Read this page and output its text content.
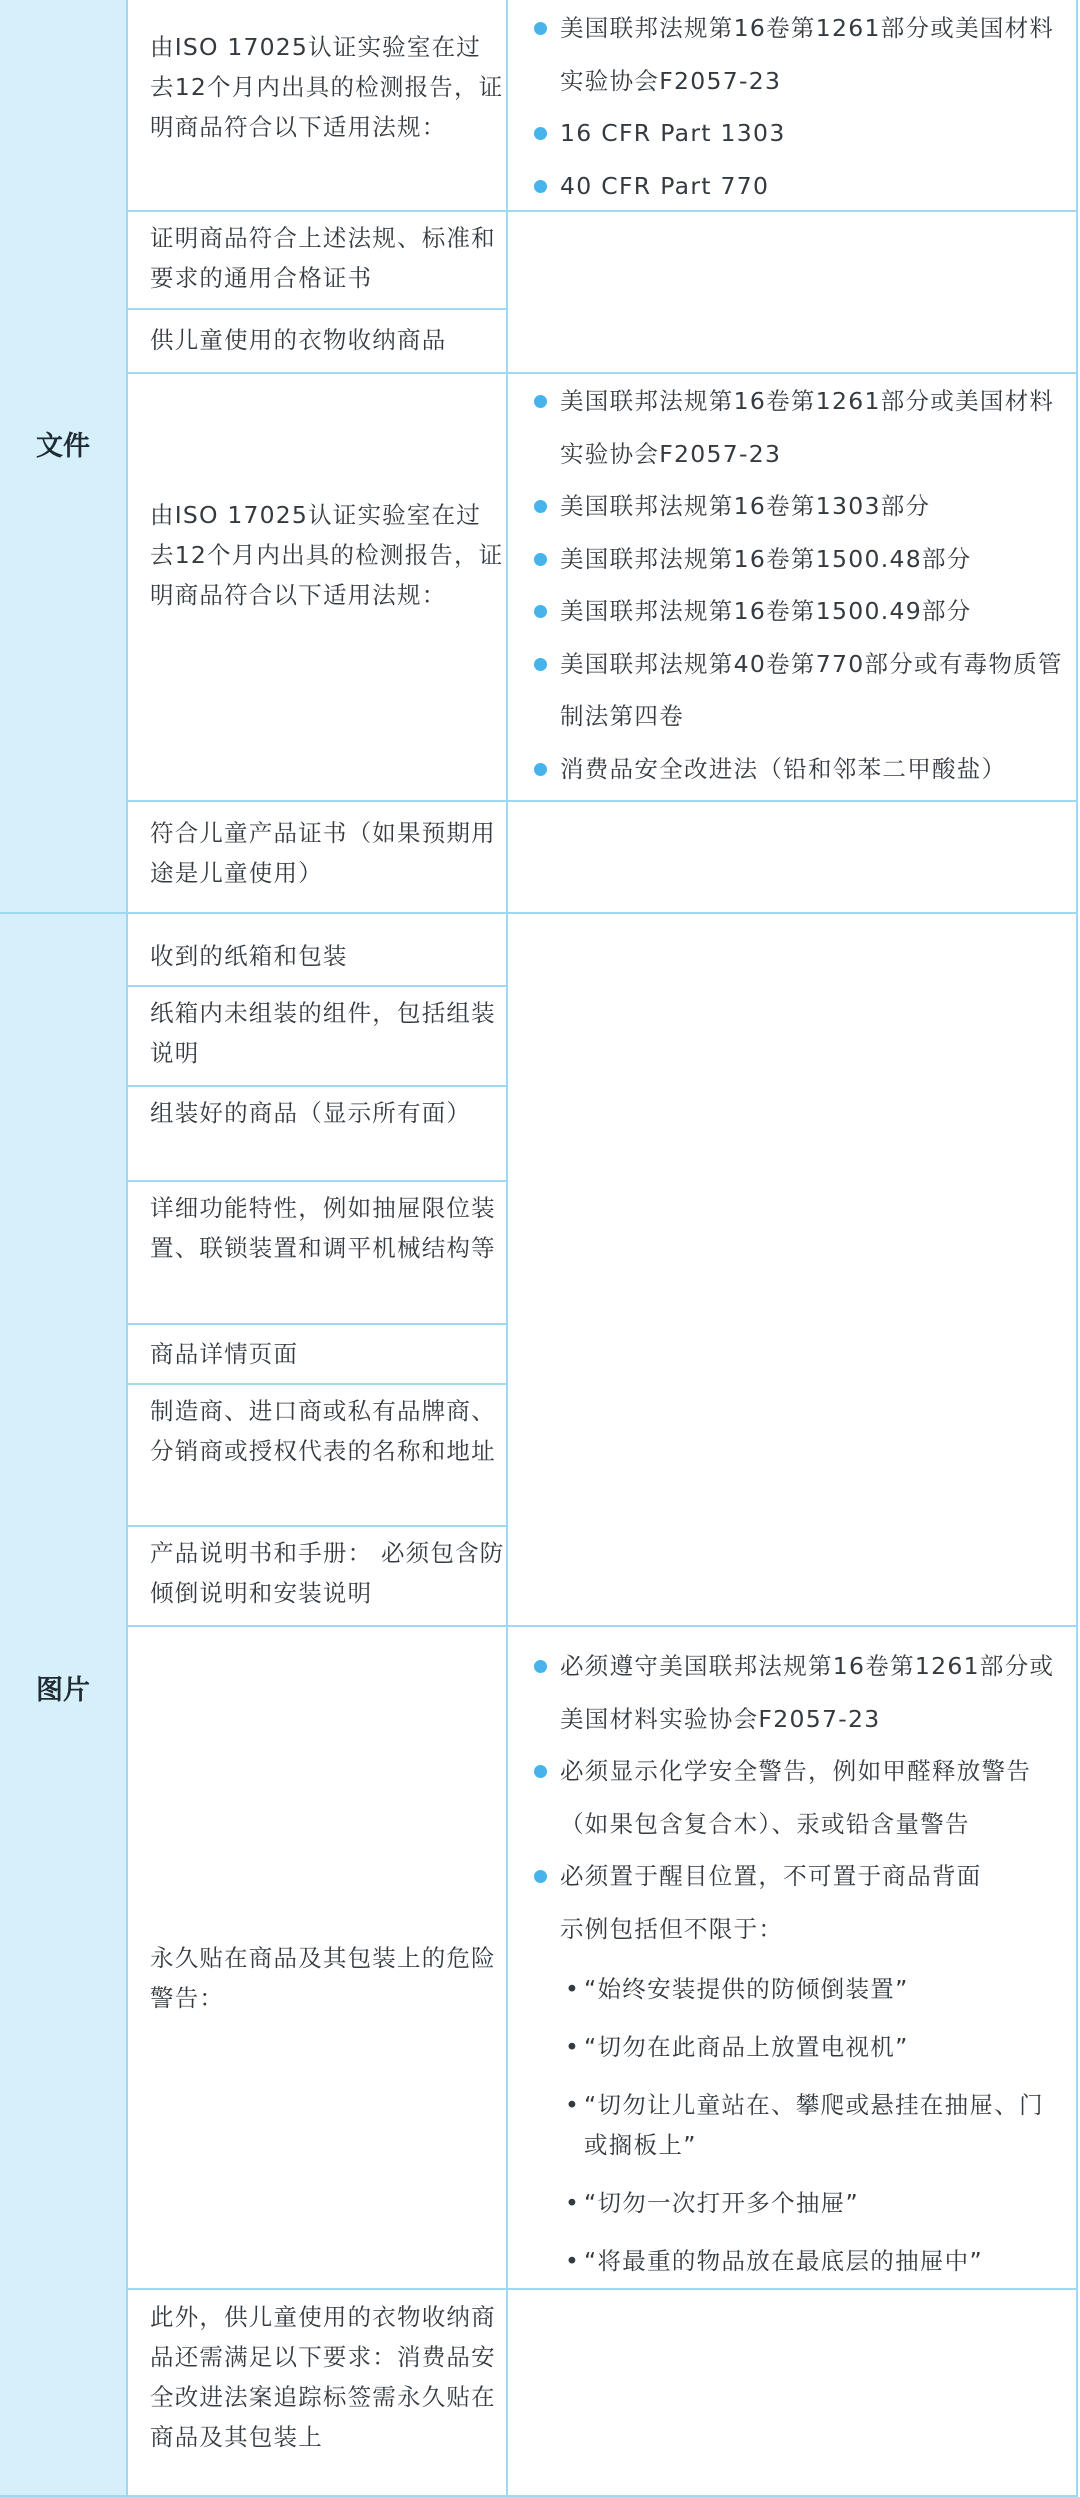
文件
图片
由ISO 17025认证实验室在过去12个月内出具的检测报告，证明商品符合以下适用法规：
美国联邦法规第16卷第1261部分或美国材料实验协会F2057-23
16 CFR Part 1303
40 CFR Part 770
证明商品符合上述法规、标准和要求的通用合格证书
供儿童使用的衣物收纳商品
由ISO 17025认证实验室在过去12个月内出具的检测报告，证明商品符合以下适用法规：
美国联邦法规第16卷第1261部分或美国材料实验协会F2057-23
美国联邦法规第16卷第1303部分
美国联邦法规第16卷第1500.48部分
美国联邦法规第16卷第1500.49部分
美国联邦法规第40卷第770部分或有毒物质管制法第四卷
消费品安全改进法（铅和邻苯二甲酸盐）
符合儿童产品证书（如果预期用途是儿童使用）
收到的纸箱和包装
纸箱内未组装的组件，包括组装说明
组装好的商品（显示所有面）
详细功能特性，例如抽屉限位装置、联锁装置和调平机械结构等
商品详情页面
制造商、进口商或私有品牌商、分销商或授权代表的名称和地址
产品说明书和手册： 必须包含防倾倒说明和安装说明
永久贴在商品及其包装上的危险警告：
必须遵守美国联邦法规第16卷第1261部分或美国材料实验协会F2057-23
必须显示化学安全警告，例如甲醛释放警告（如果包含复合木）、汞或铅含量警告
必须置于醒目位置，不可置于商品背面
示例包括但不限于：
• “始终安装提供的防倾倒装置”
• “切勿在此商品上放置电视机”
• “切勿让儿童站在、攀爬或悬挂在抽屉、门或搁板上”
• “切勿一次打开多个抽屉”
• “将最重的物品放在最底层的抽屉中”
此外，供儿童使用的衣物收纳商品还需满足以下要求：消费品安全改进法案追踪标签需永久贴在商品及其包装上
